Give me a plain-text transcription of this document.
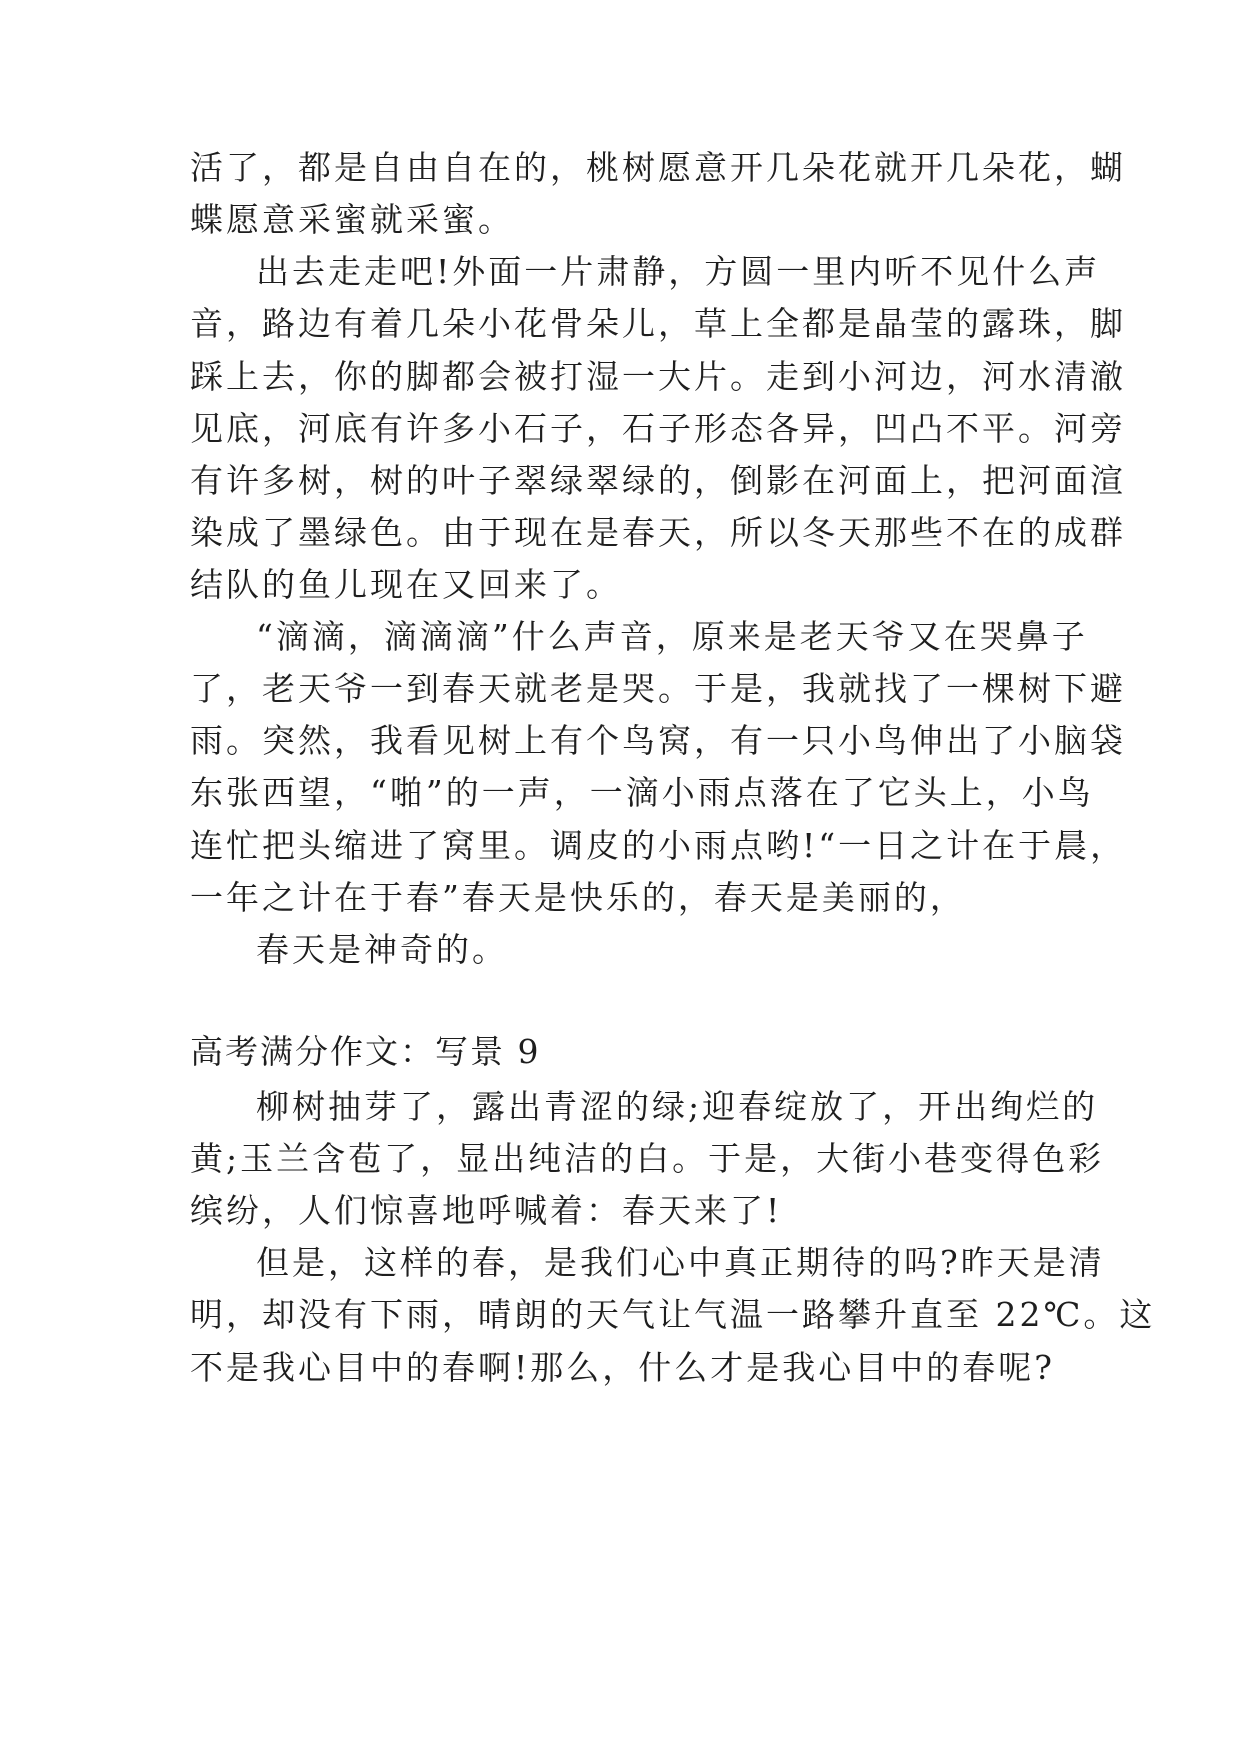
活了，都是自由自在的，桃树愿意开几朵花就开几朵花，蝴
蝶愿意采蜜就采蜜。
出去走走吧!外面一片肃静，方圆一里内听不见什么声
音，路边有着几朵小花骨朵儿，草上全都是晶莹的露珠，脚
踩上去，你的脚都会被打湿一大片。走到小河边，河水清澈
见底，河底有许多小石子，石子形态各异，凹凸不平。河旁
有许多树，树的叶子翠绿翠绿的，倒影在河面上，把河面渲
染成了墨绿色。由于现在是春天，所以冬天那些不在的成群
结队的鱼儿现在又回来了。
“滴滴，滴滴滴”什么声音，原来是老天爷又在哭鼻子
了，老天爷一到春天就老是哭。于是，我就找了一棵树下避
雨。突然，我看见树上有个鸟窝，有一只小鸟伸出了小脑袋
东张西望，“啪”的一声，一滴小雨点落在了它头上，小鸟
连忙把头缩进了窝里。调皮的小雨点哟!“一日之计在于晨，
一年之计在于春”春天是快乐的，春天是美丽的，
春天是神奇的。
高考满分作文：写景 9
柳树抽芽了，露出青涩的绿;迎春绽放了，开出绚烂的
黄;玉兰含苞了，显出纯洁的白。于是，大街小巷变得色彩
缤纷，人们惊喜地呼喊着：春天来了!
但是，这样的春，是我们心中真正期待的吗?昨天是清
明，却没有下雨，晴朗的天气让气温一路攀升直至 22℃。这
不是我心目中的春啊!那么，什么才是我心目中的春呢?
